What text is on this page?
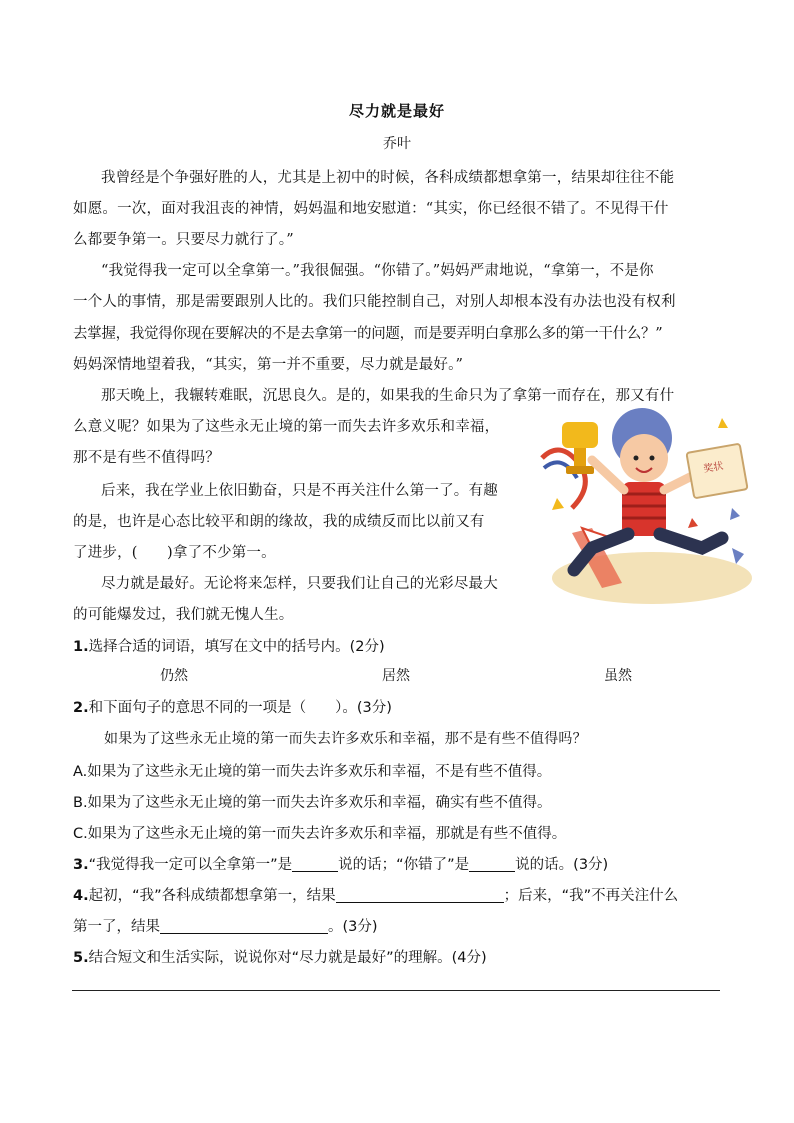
尽力就是最好
乔叶
我曾经是个争强好胜的人，尤其是上初中的时候，各科成绩都想拿第一，结果却往往不能
如愿。一次，面对我沮丧的神情，妈妈温和地安慰道：“其实，你已经很不错了。不见得干什
么都要争第一。只要尽力就行了。”
“我觉得我一定可以全拿第一。”我很倔强。“你错了。”妈妈严肃地说，“拿第一，不是你
一个人的事情，那是需要跟别人比的。我们只能控制自己，对别人却根本没有办法也没有权利
去掌握，我觉得你现在要解决的不是去拿第一的问题，而是要弄明白拿那么多的第一干什么？”
妈妈深情地望着我，“其实，第一并不重要，尽力就是最好。”
那天晚上，我辗转难眠，沉思良久。是的，如果我的生命只为了拿第一而存在，那又有什
么意义呢？如果为了这些永无止境的第一而失去许多欢乐和幸福，
那不是有些不值得吗？
后来，我在学业上依旧勤奋，只是不再关注什么第一了。有趣
的是，也许是心态比较平和朗的缘故，我的成绩反而比以前又有
了进步，(　　)拿了不少第一。
尽力就是最好。无论将来怎样，只要我们让自己的光彩尽最大
的可能爆发过，我们就无愧人生。
奖状
1.选择合适的词语，填写在文中的括号内。(2分)
仍然	居然	虽然
2.和下面句子的意思不同的一项是（　　）。(3分)
如果为了这些永无止境的第一而失去许多欢乐和幸福，那不是有些不值得吗？
A.如果为了这些永无止境的第一而失去许多欢乐和幸福，不是有些不值得。
B.如果为了这些永无止境的第一而失去许多欢乐和幸福，确实有些不值得。
C.如果为了这些永无止境的第一而失去许多欢乐和幸福，那就是有些不值得。
3.“我觉得我一定可以全拿第一”是	说的话；“你错了”是	说的话。(3分)
4.起初，“我”各科成绩都想拿第一，结果	；后来，“我”不再关注什么
第一了，结果	。(3分)
5.结合短文和生活实际，说说你对“尽力就是最好”的理解。(4分)
